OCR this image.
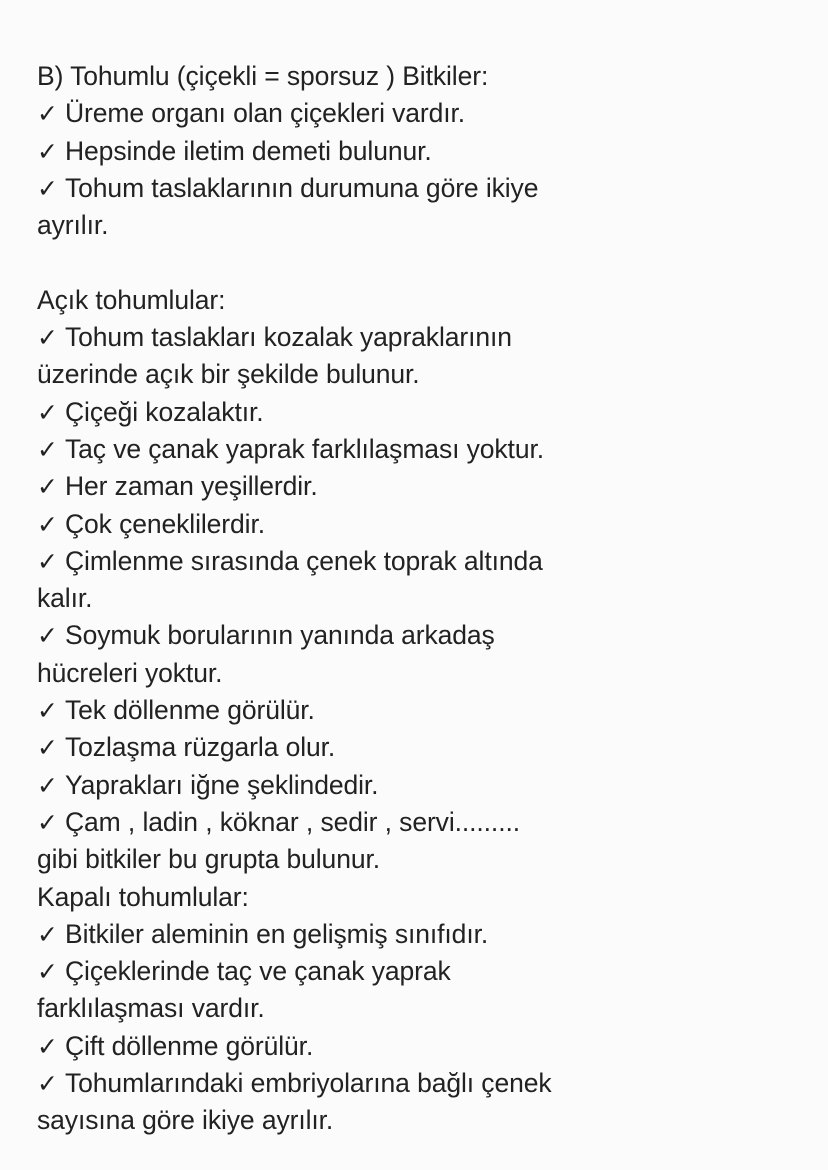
B) Tohumlu (çiçekli = sporsuz ) Bitkiler:
✓ Üreme organı olan çiçekleri vardır.
✓ Hepsinde iletim demeti bulunur.
✓ Tohum taslaklarının durumuna göre ikiye
ayrılır.
Açık tohumlular:
✓ Tohum taslakları kozalak yapraklarının
üzerinde açık bir şekilde bulunur.
✓ Çiçeği kozalaktır.
✓ Taç ve çanak yaprak farklılaşması yoktur.
✓ Her zaman yeşillerdir.
✓ Çok çeneklilerdir.
✓ Çimlenme sırasında çenek toprak altında
kalır.
✓ Soymuk borularının yanında arkadaş
hücreleri yoktur.
✓ Tek döllenme görülür.
✓ Tozlaşma rüzgarla olur.
✓ Yaprakları iğne şeklindedir.
✓ Çam , ladin , köknar , sedir , servi.........
gibi bitkiler bu grupta bulunur.
Kapalı tohumlular:
✓ Bitkiler aleminin en gelişmiş sınıfıdır.
✓ Çiçeklerinde taç ve çanak yaprak
farklılaşması vardır.
✓ Çift döllenme görülür.
✓ Tohumlarındaki embriyolarına bağlı çenek
sayısına göre ikiye ayrılır.
